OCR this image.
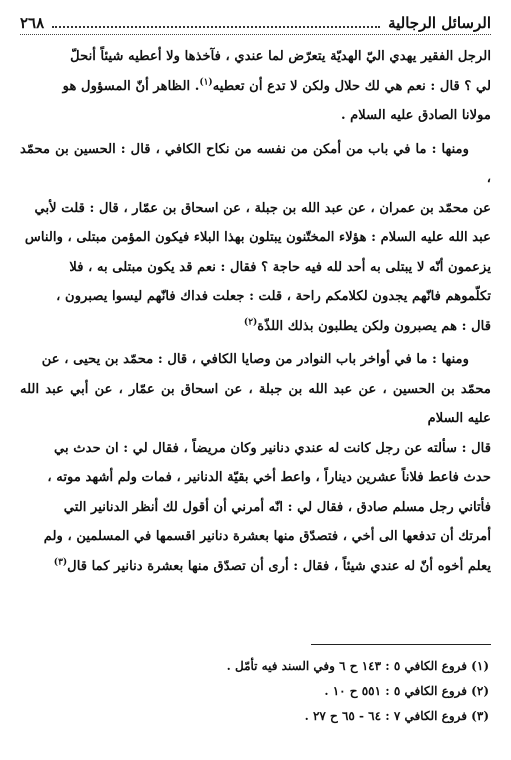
الرسائل الرجالية
٢٦٨

الرجل الفقير يهدي اليّ الهديّة يتعرّض لما عندي ، فآخذها ولا أعطيه شيئاً أنحلّ
لي ؟ قال : نعم هي لك حلال ولكن لا تدع أن تعطيه$^{(١)}$. الظاهر أنّ المسؤول هو
مولانا الصادق عليه السلام .

ومنها : ما في باب من أمكن من نفسه من نكاح الكافي ، قال : الحسين بن محمّد ،
عن محمّد بن عمران ، عن عبد الله بن جبلة ، عن اسحاق بن عمّار ، قال : قلت لأبي
عبد الله عليه السلام : هؤلاء المختّنون يبتلون بهذا البلاء فيكون المؤمن مبتلى ، والناس
يزعمون أنّه لا يبتلى به أحد لله فيه حاجة ؟ فقال : نعم قد يكون مبتلى به ، فلا
تكلّموهم فانّهم يجدون لكلامكم راحة ، قلت : جعلت فداك فانّهم ليسوا يصبرون ،
قال : هم يصبرون ولكن يطلبون بذلك اللذّة$^{(٢)}$

ومنها : ما في أواخر باب النوادر من وصايا الكافي ، قال : محمّد بن يحيى ، عن
محمّد بن الحسين ، عن عبد الله بن جبلة ، عن اسحاق بن عمّار ، عن أبي عبد الله عليه السلام
قال : سألته عن رجل كانت له عندي دنانير وكان مريضاً ، فقال لي : ان حدث بي
حدث فاعط فلاناً عشرين ديناراً ، واعط أخي بقيّة الدنانير ، فمات ولم أشهد موته ،
فأتاني رجل مسلم صادق ، فقال لي : انّه أمرني أن أقول لك أنظر الدنانير التي
أمرتك أن تدفعها الى أخي ، فتصدّق منها بعشرة دنانير اقسمها في المسلمين ، ولم
يعلم أخوه أنّ له عندي شيئاً ، فقال : أرى أن تصدّق منها بعشرة دنانير كما قال$^{(٣)}$

(١) فروع الكافي ٥ : ١٤٣ ح ٦ وفي السند فيه تأمّل .
(٢) فروع الكافي ٥ : ٥٥١ ح ١٠ .
(٣) فروع الكافي ٧ : ٦٤ - ٦٥ ح ٢٧ .
